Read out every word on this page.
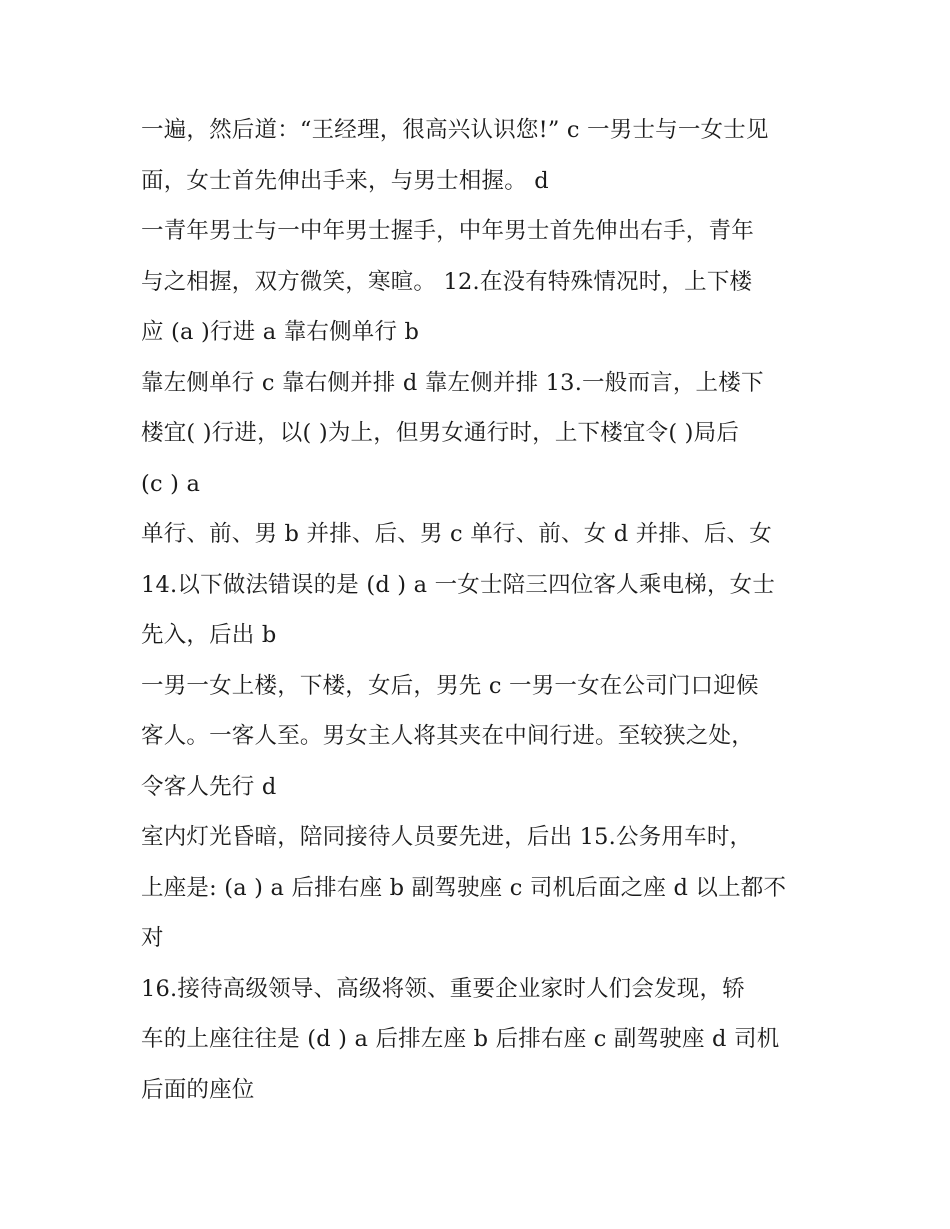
一遍，然后道：“王经理，很高兴认识您!” c 一男士与一女士见
面，女士首先伸出手来，与男士相握。 d
一青年男士与一中年男士握手，中年男士首先伸出右手，青年
与之相握，双方微笑，寒暄。 12.在没有特殊情况时，上下楼
应 (a )行进 a 靠右侧单行 b
靠左侧单行 c 靠右侧并排 d 靠左侧并排 13.一般而言，上楼下
楼宜( )行进，以( )为上，但男女通行时，上下楼宜令( )局后
(c ) a
单行、前、男 b 并排、后、男 c 单行、前、女 d 并排、后、女
14.以下做法错误的是 (d ) a 一女士陪三四位客人乘电梯，女士
先入，后出 b
一男一女上楼，下楼，女后，男先 c 一男一女在公司门口迎候
客人。一客人至。男女主人将其夹在中间行进。至较狭之处，
令客人先行 d
室内灯光昏暗，陪同接待人员要先进，后出 15.公务用车时，
上座是: (a ) a 后排右座 b 副驾驶座 c 司机后面之座 d 以上都不
对
16.接待高级领导、高级将领、重要企业家时人们会发现，轿
车的上座往往是 (d ) a 后排左座 b 后排右座 c 副驾驶座 d 司机
后面的座位
